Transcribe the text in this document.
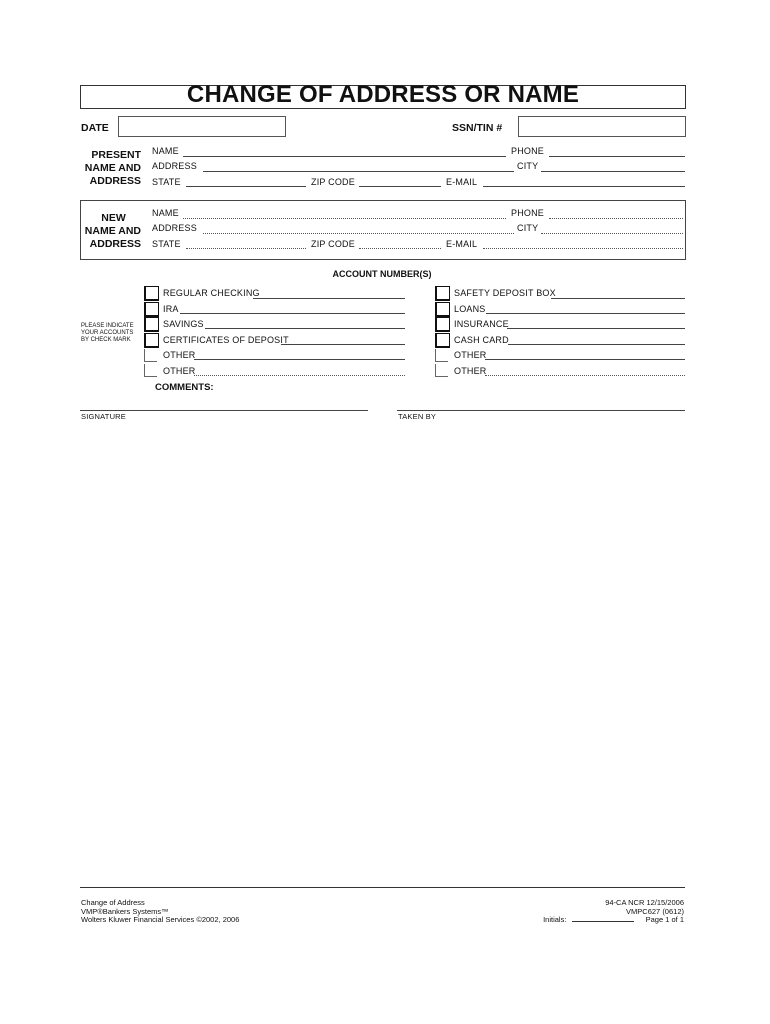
CHANGE OF ADDRESS OR NAME
DATE	SSN/TIN #
PRESENT
NAME AND
ADDRESS
NAME	PHONE
ADDRESS	CITY
STATE	ZIP CODE	E-MAIL
NEW
NAME AND
ADDRESS
NAME	PHONE
ADDRESS	CITY
STATE	ZIP CODE	E-MAIL
ACCOUNT NUMBER(S)
PLEASE INDICATE
YOUR ACCOUNTS
BY CHECK MARK
REGULAR CHECKING
IRA
SAVINGS
CERTIFICATES OF DEPOSIT
OTHER
OTHER
SAFETY DEPOSIT BOX
LOANS
INSURANCE
CASH CARD
OTHER
OTHER
COMMENTS:
SIGNATURE	TAKEN BY
Change of Address
VMP®Bankers Systems™
Wolters Kluwer Financial Services ©2002, 2006
94-CA NCR 12/15/2006
VMPC627 (0612)
Initials:	Page 1 of 1
